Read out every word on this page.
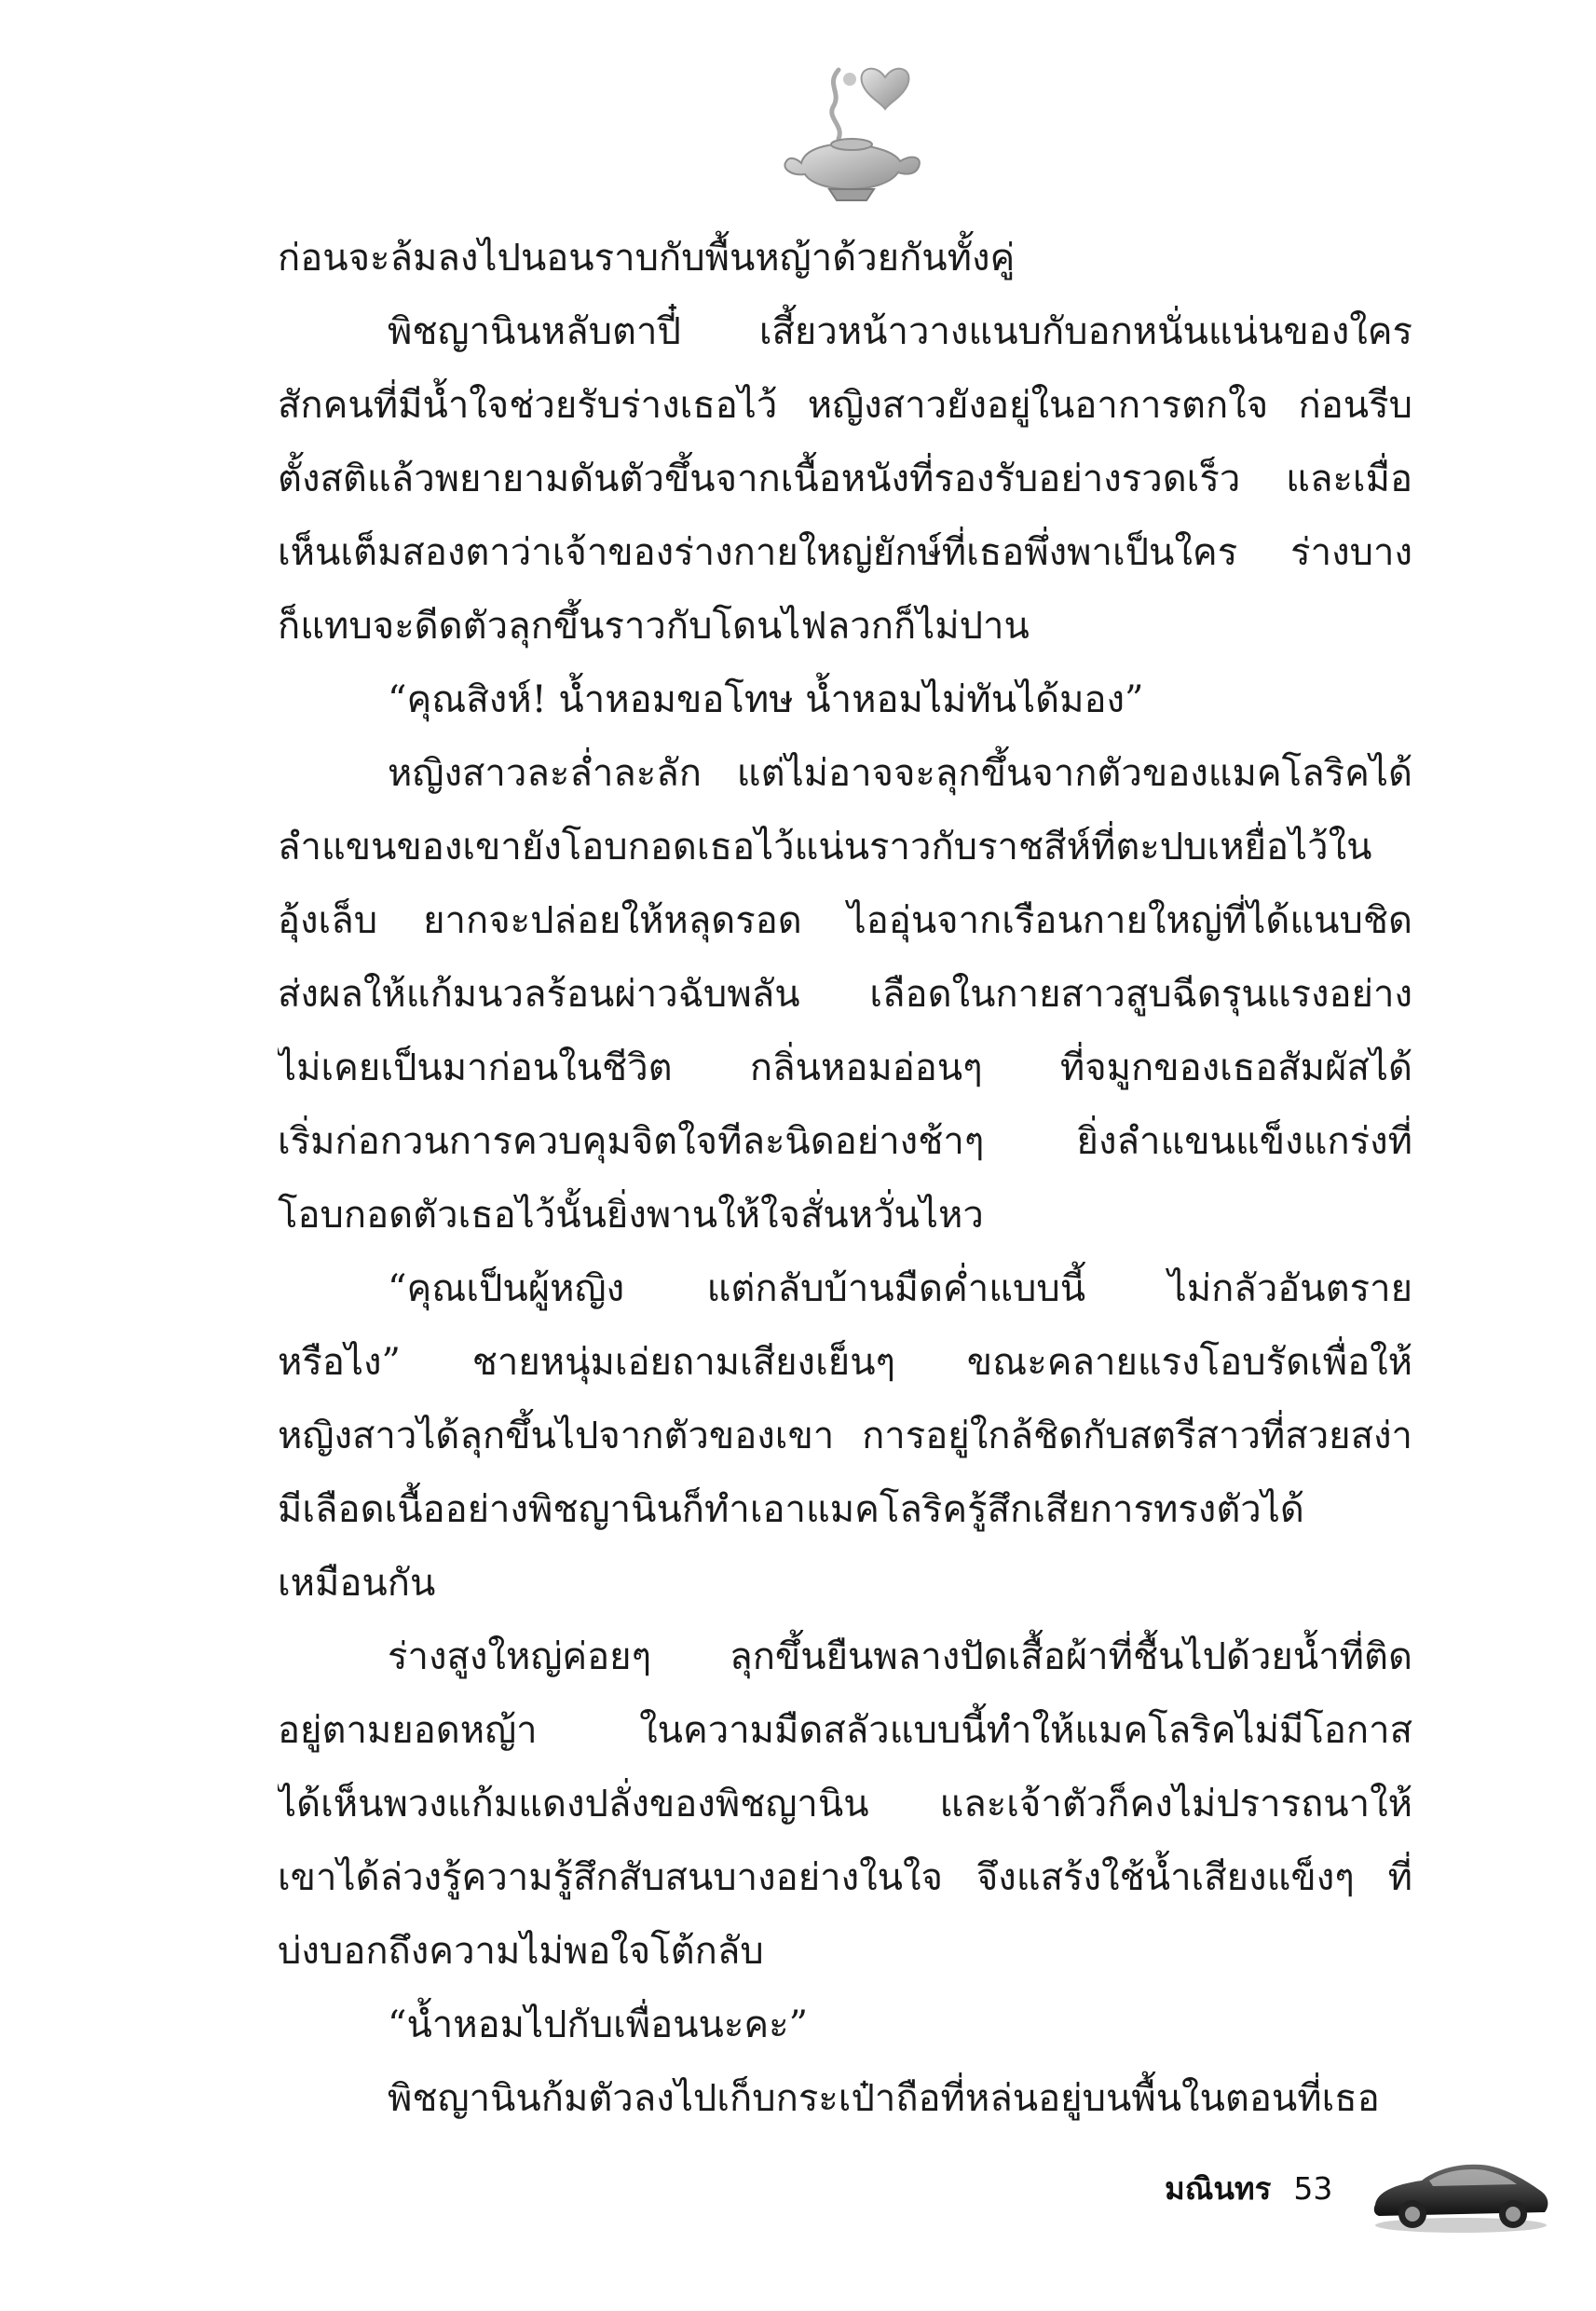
ก่อนจะล้มลงไปนอนราบกับพื้นหญ้าด้วยกันทั้งคู่
พิชญานินหลับตาปี๋ เสี้ยวหน้าวางแนบกับอกหนั่นแน่นของใคร
สักคนที่มีน้ำใจช่วยรับร่างเธอไว้ หญิงสาวยังอยู่ในอาการตกใจ ก่อนรีบ
ตั้งสติแล้วพยายามดันตัวขึ้นจากเนื้อหนังที่รองรับอย่างรวดเร็ว และเมื่อ
เห็นเต็มสองตาว่าเจ้าของร่างกายใหญ่ยักษ์ที่เธอพึ่งพาเป็นใคร ร่างบาง
ก็แทบจะดีดตัวลุกขึ้นราวกับโดนไฟลวกก็ไม่ปาน
“คุณสิงห์! น้ำหอมขอโทษ น้ำหอมไม่ทันได้มอง”
หญิงสาวละล่ำละลัก แต่ไม่อาจจะลุกขึ้นจากตัวของแมคโลริคได้
ลำแขนของเขายังโอบกอดเธอไว้แน่นราวกับราชสีห์ที่ตะปบเหยื่อไว้ใน
อุ้งเล็บ ยากจะปล่อยให้หลุดรอด ไออุ่นจากเรือนกายใหญ่ที่ได้แนบชิด
ส่งผลให้แก้มนวลร้อนผ่าวฉับพลัน เลือดในกายสาวสูบฉีดรุนแรงอย่าง
ไม่เคยเป็นมาก่อนในชีวิต กลิ่นหอมอ่อนๆ ที่จมูกของเธอสัมผัสได้
เริ่มก่อกวนการควบคุมจิตใจทีละนิดอย่างช้าๆ ยิ่งลำแขนแข็งแกร่งที่
โอบกอดตัวเธอไว้นั้นยิ่งพานให้ใจสั่นหวั่นไหว
“คุณเป็นผู้หญิง แต่กลับบ้านมืดค่ำแบบนี้ ไม่กลัวอันตราย
หรือไง” ชายหนุ่มเอ่ยถามเสียงเย็นๆ ขณะคลายแรงโอบรัดเพื่อให้
หญิงสาวได้ลุกขึ้นไปจากตัวของเขา การอยู่ใกล้ชิดกับสตรีสาวที่สวยสง่า
มีเลือดเนื้ออย่างพิชญานินก็ทำเอาแมคโลริครู้สึกเสียการทรงตัวได้
เหมือนกัน
ร่างสูงใหญ่ค่อยๆ ลุกขึ้นยืนพลางปัดเสื้อผ้าที่ชื้นไปด้วยน้ำที่ติด
อยู่ตามยอดหญ้า ในความมืดสลัวแบบนี้ทำให้แมคโลริคไม่มีโอกาส
ได้เห็นพวงแก้มแดงปลั่งของพิชญานิน และเจ้าตัวก็คงไม่ปรารถนาให้
เขาได้ล่วงรู้ความรู้สึกสับสนบางอย่างในใจ จึงแสร้งใช้น้ำเสียงแข็งๆ ที่
บ่งบอกถึงความไม่พอใจโต้กลับ
“น้ำหอมไปกับเพื่อนนะคะ”
พิชญานินก้มตัวลงไปเก็บกระเป๋าถือที่หล่นอยู่บนพื้นในตอนที่เธอ
มณินทร 53
